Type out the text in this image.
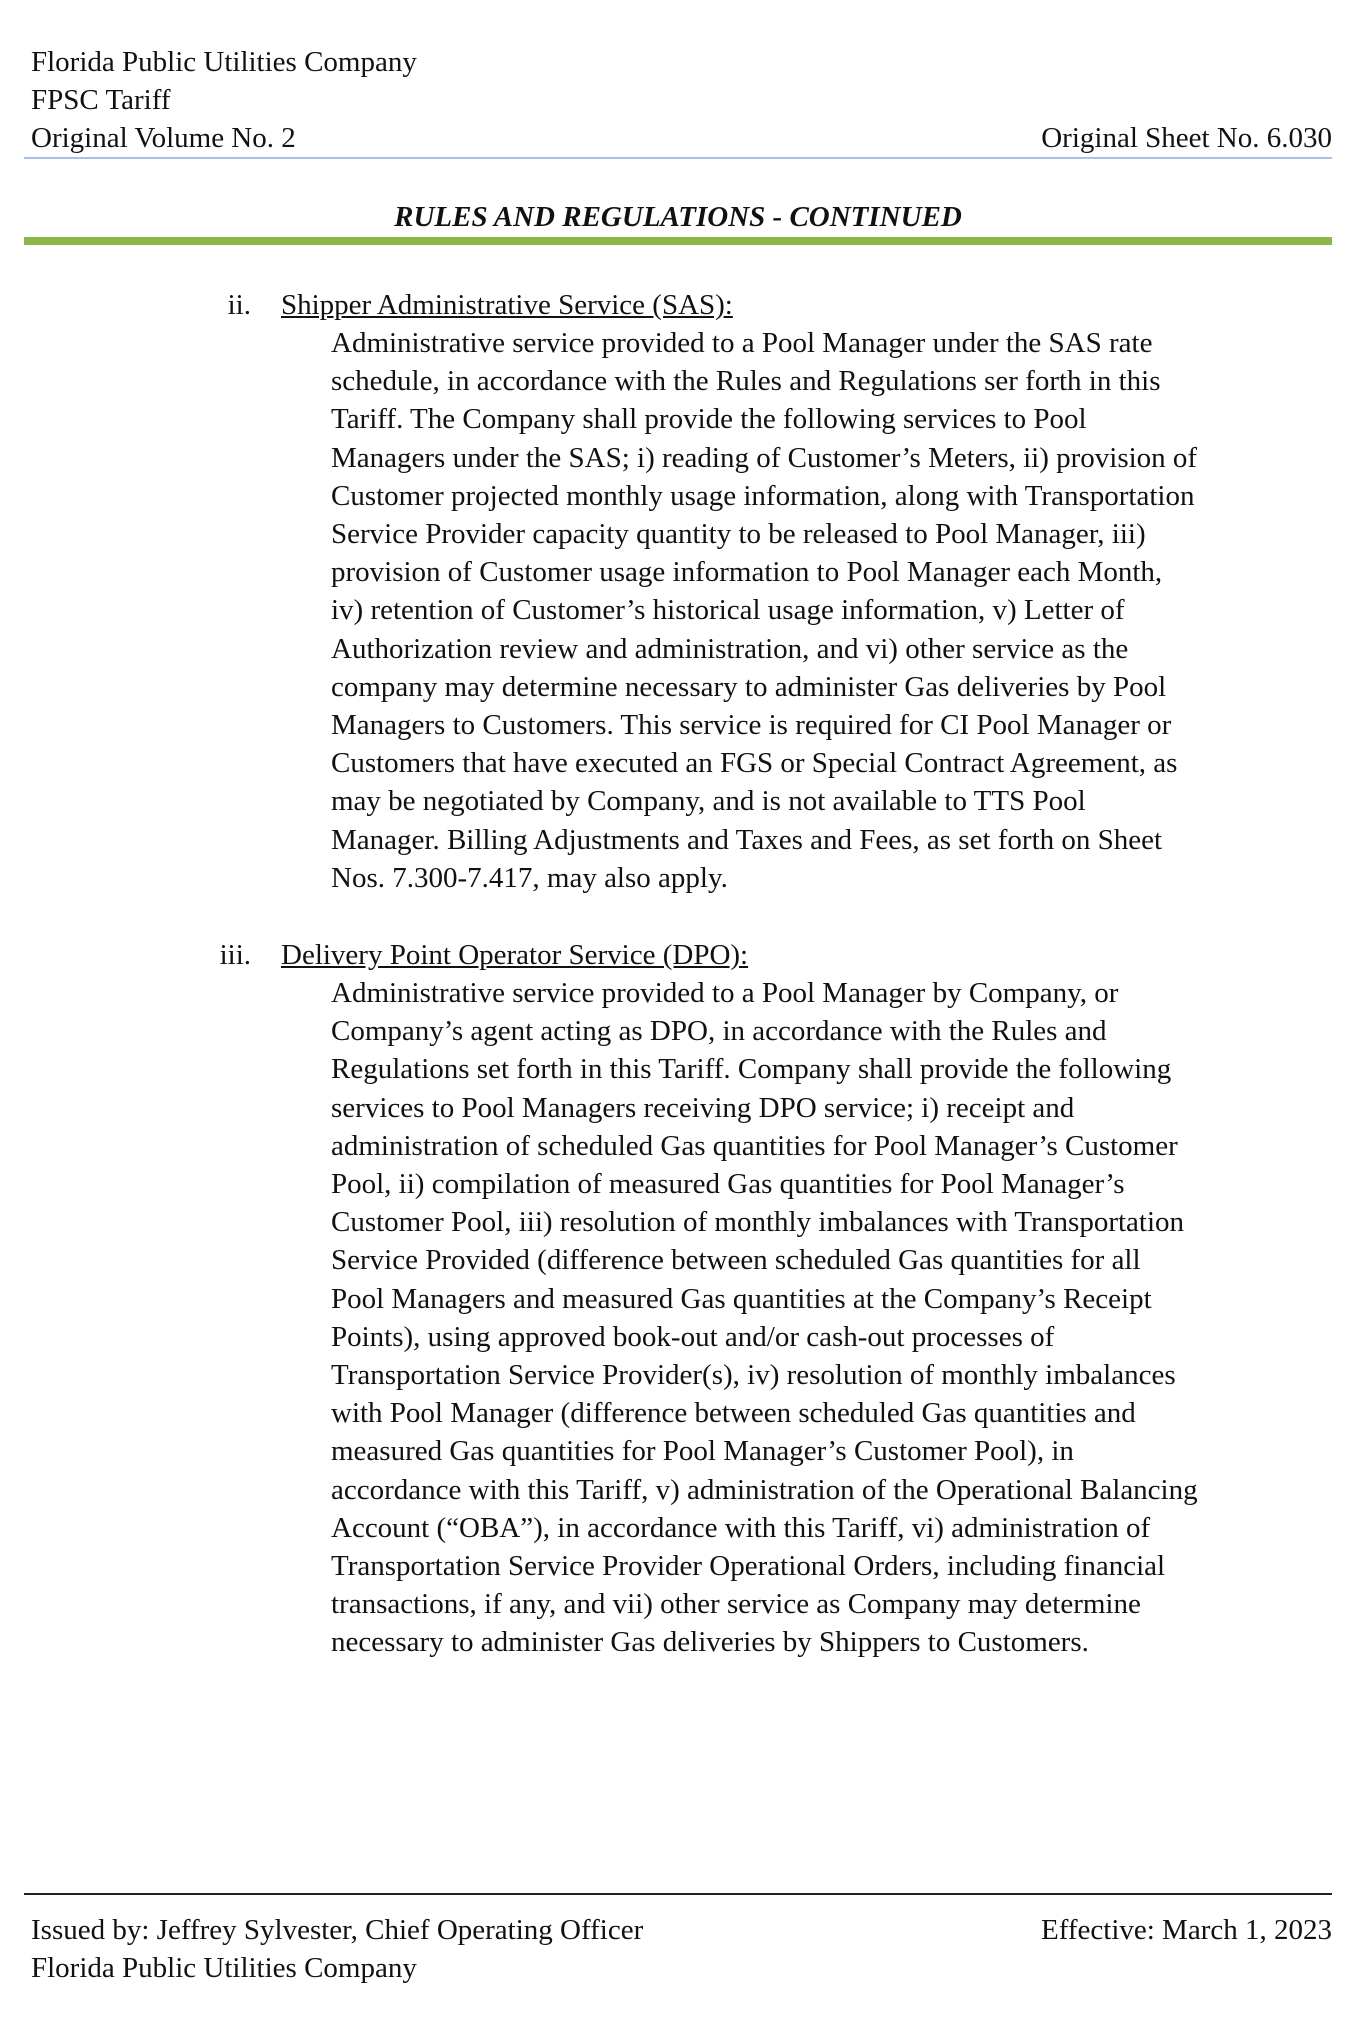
Florida Public Utilities Company
FPSC Tariff
Original Volume No. 2	Original Sheet No. 6.030
RULES AND REGULATIONS - CONTINUED
ii. Shipper Administrative Service (SAS):
Administrative service provided to a Pool Manager under the SAS rate
schedule, in accordance with the Rules and Regulations ser forth in this
Tariff. The Company shall provide the following services to Pool
Managers under the SAS; i) reading of Customer’s Meters, ii) provision of
Customer projected monthly usage information, along with Transportation
Service Provider capacity quantity to be released to Pool Manager, iii)
provision of Customer usage information to Pool Manager each Month,
iv) retention of Customer’s historical usage information, v) Letter of
Authorization review and administration, and vi) other service as the
company may determine necessary to administer Gas deliveries by Pool
Managers to Customers. This service is required for CI Pool Manager or
Customers that have executed an FGS or Special Contract Agreement, as
may be negotiated by Company, and is not available to TTS Pool
Manager. Billing Adjustments and Taxes and Fees, as set forth on Sheet
Nos. 7.300-7.417, may also apply.
iii. Delivery Point Operator Service (DPO):
Administrative service provided to a Pool Manager by Company, or
Company’s agent acting as DPO, in accordance with the Rules and
Regulations set forth in this Tariff. Company shall provide the following
services to Pool Managers receiving DPO service; i) receipt and
administration of scheduled Gas quantities for Pool Manager’s Customer
Pool, ii) compilation of measured Gas quantities for Pool Manager’s
Customer Pool, iii) resolution of monthly imbalances with Transportation
Service Provided (difference between scheduled Gas quantities for all
Pool Managers and measured Gas quantities at the Company’s Receipt
Points), using approved book-out and/or cash-out processes of
Transportation Service Provider(s), iv) resolution of monthly imbalances
with Pool Manager (difference between scheduled Gas quantities and
measured Gas quantities for Pool Manager’s Customer Pool), in
accordance with this Tariff, v) administration of the Operational Balancing
Account (“OBA”), in accordance with this Tariff, vi) administration of
Transportation Service Provider Operational Orders, including financial
transactions, if any, and vii) other service as Company may determine
necessary to administer Gas deliveries by Shippers to Customers.
Issued by: Jeffrey Sylvester, Chief Operating Officer	Effective: March 1, 2023
Florida Public Utilities Company
